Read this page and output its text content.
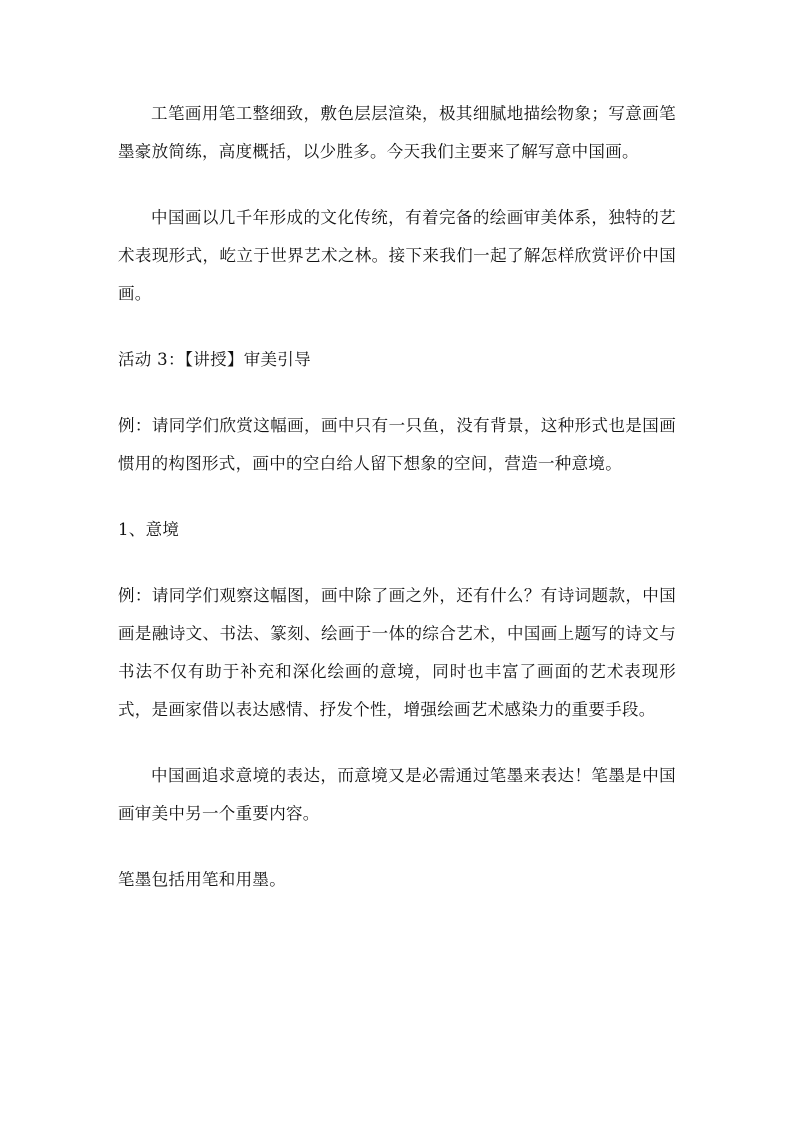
工笔画用笔工整细致，敷色层层渲染，极其细腻地描绘物象；写意画笔墨豪放简练，高度概括，以少胜多。今天我们主要来了解写意中国画。

中国画以几千年形成的文化传统，有着完备的绘画审美体系，独特的艺术表现形式，屹立于世界艺术之林。接下来我们一起了解怎样欣赏评价中国画。

活动 3：【讲授】审美引导

例：请同学们欣赏这幅画，画中只有一只鱼，没有背景，这种形式也是国画惯用的构图形式，画中的空白给人留下想象的空间，营造一种意境。

1、意境

例：请同学们观察这幅图，画中除了画之外，还有什么？有诗词题款，中国画是融诗文、书法、篆刻、绘画于一体的综合艺术，中国画上题写的诗文与书法不仅有助于补充和深化绘画的意境，同时也丰富了画面的艺术表现形式，是画家借以表达感情、抒发个性，增强绘画艺术感染力的重要手段。

中国画追求意境的表达，而意境又是必需通过笔墨来表达！笔墨是中国画审美中另一个重要内容。

笔墨包括用笔和用墨。
